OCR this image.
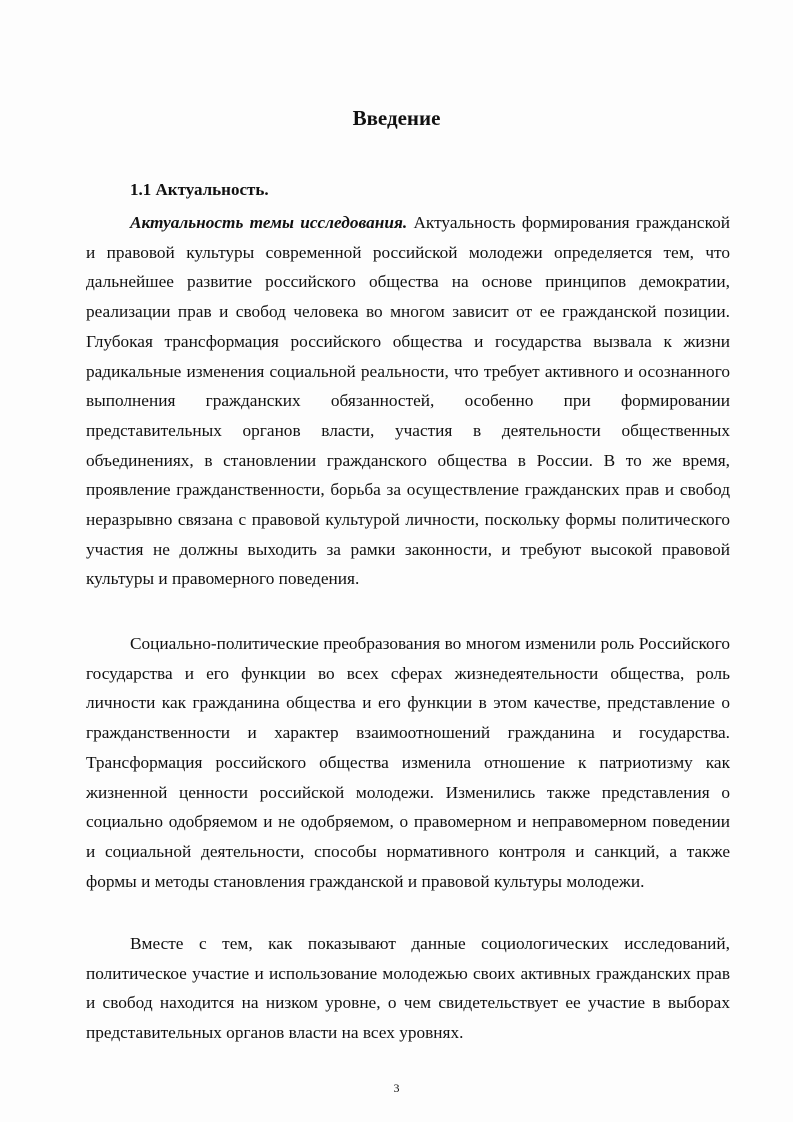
Введение
1.1 Актуальность.

Актуальность темы исследования. Актуальность формирования гражданской и правовой культуры современной российской молодежи определяется тем, что дальнейшее развитие российского общества на основе принципов демократии, реализации прав и свобод человека во многом зависит от ее гражданской позиции. Глубокая трансформация российского общества и государства вызвала к жизни радикальные изменения социальной реальности, что требует активного и осознанного выполнения гражданских обязанностей, особенно при формировании представительных органов власти, участия в деятельности общественных объединениях, в становлении гражданского общества в России. В то же время, проявление гражданственности, борьба за осуществление гражданских прав и свобод неразрывно связана с правовой культурой личности, поскольку формы политического участия не должны выходить за рамки законности, и требуют высокой правовой культуры и правомерного поведения.

Социально-политические преобразования во многом изменили роль Российского государства и его функции во всех сферах жизнедеятельности общества, роль личности как гражданина общества и его функции в этом качестве, представление о гражданственности и характер взаимоотношений гражданина и государства. Трансформация российского общества изменила отношение к патриотизму как жизненной ценности российской молодежи. Изменились также представления о социально одобряемом и не одобряемом, о правомерном и неправомерном поведении и социальной деятельности, способы нормативного контроля и санкций, а также формы и методы становления гражданской и правовой культуры молодежи.

Вместе с тем, как показывают данные социологических исследований, политическое участие и использование молодежью своих активных гражданских прав и свобод находится на низком уровне, о чем свидетельствует ее участие в выборах представительных органов власти на всех уровнях.

3
